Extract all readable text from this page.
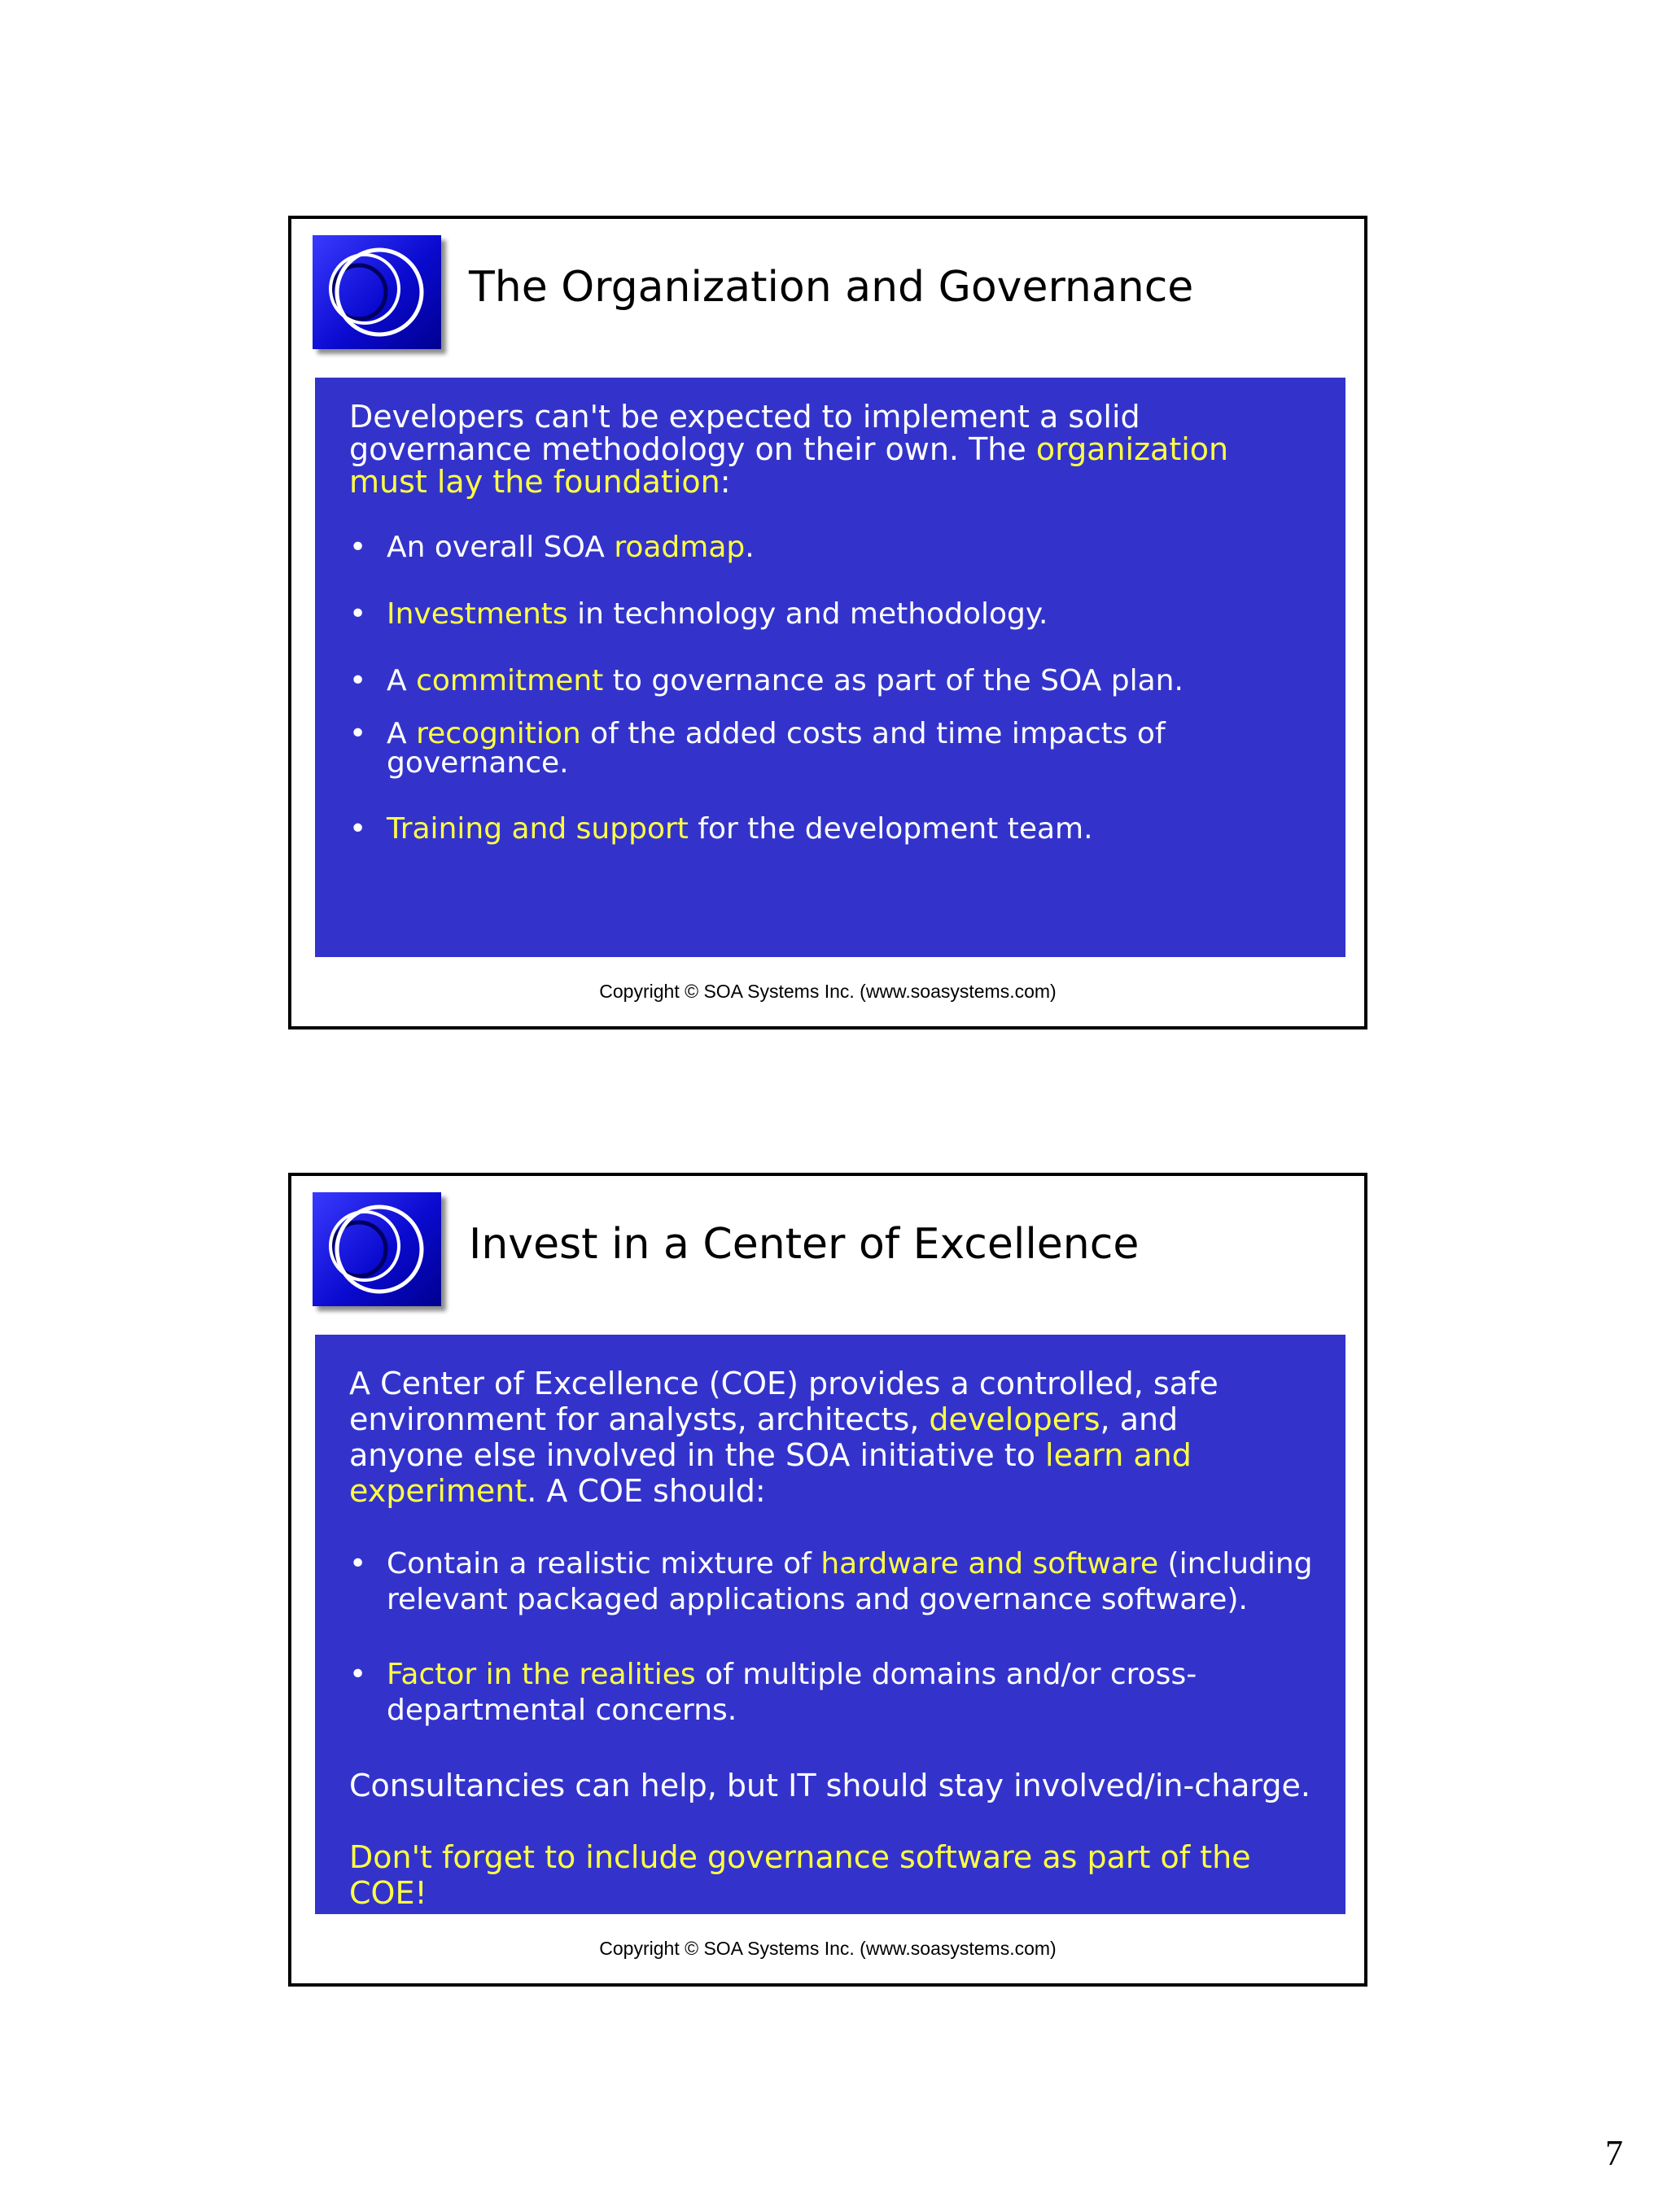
The Organization and Governance

Developers can't be expected to implement a solid governance methodology on their own. The organization must lay the foundation:

• An overall SOA roadmap.
• Investments in technology and methodology.
• A commitment to governance as part of the SOA plan.
• A recognition of the added costs and time impacts of governance.
• Training and support for the development team.
Copyright © SOA Systems Inc. (www.soasystems.com)
Invest in a Center of Excellence

A Center of Excellence (COE) provides a controlled, safe environment for analysts, architects, developers, and anyone else involved in the SOA initiative to learn and experiment. A COE should:

• Contain a realistic mixture of hardware and software (including relevant packaged applications and governance software).
• Factor in the realities of multiple domains and/or cross-departmental concerns.

Consultancies can help, but IT should stay involved/in-charge.

Don't forget to include governance software as part of the COE!

Copyright © SOA Systems Inc. (www.soasystems.com)
7
